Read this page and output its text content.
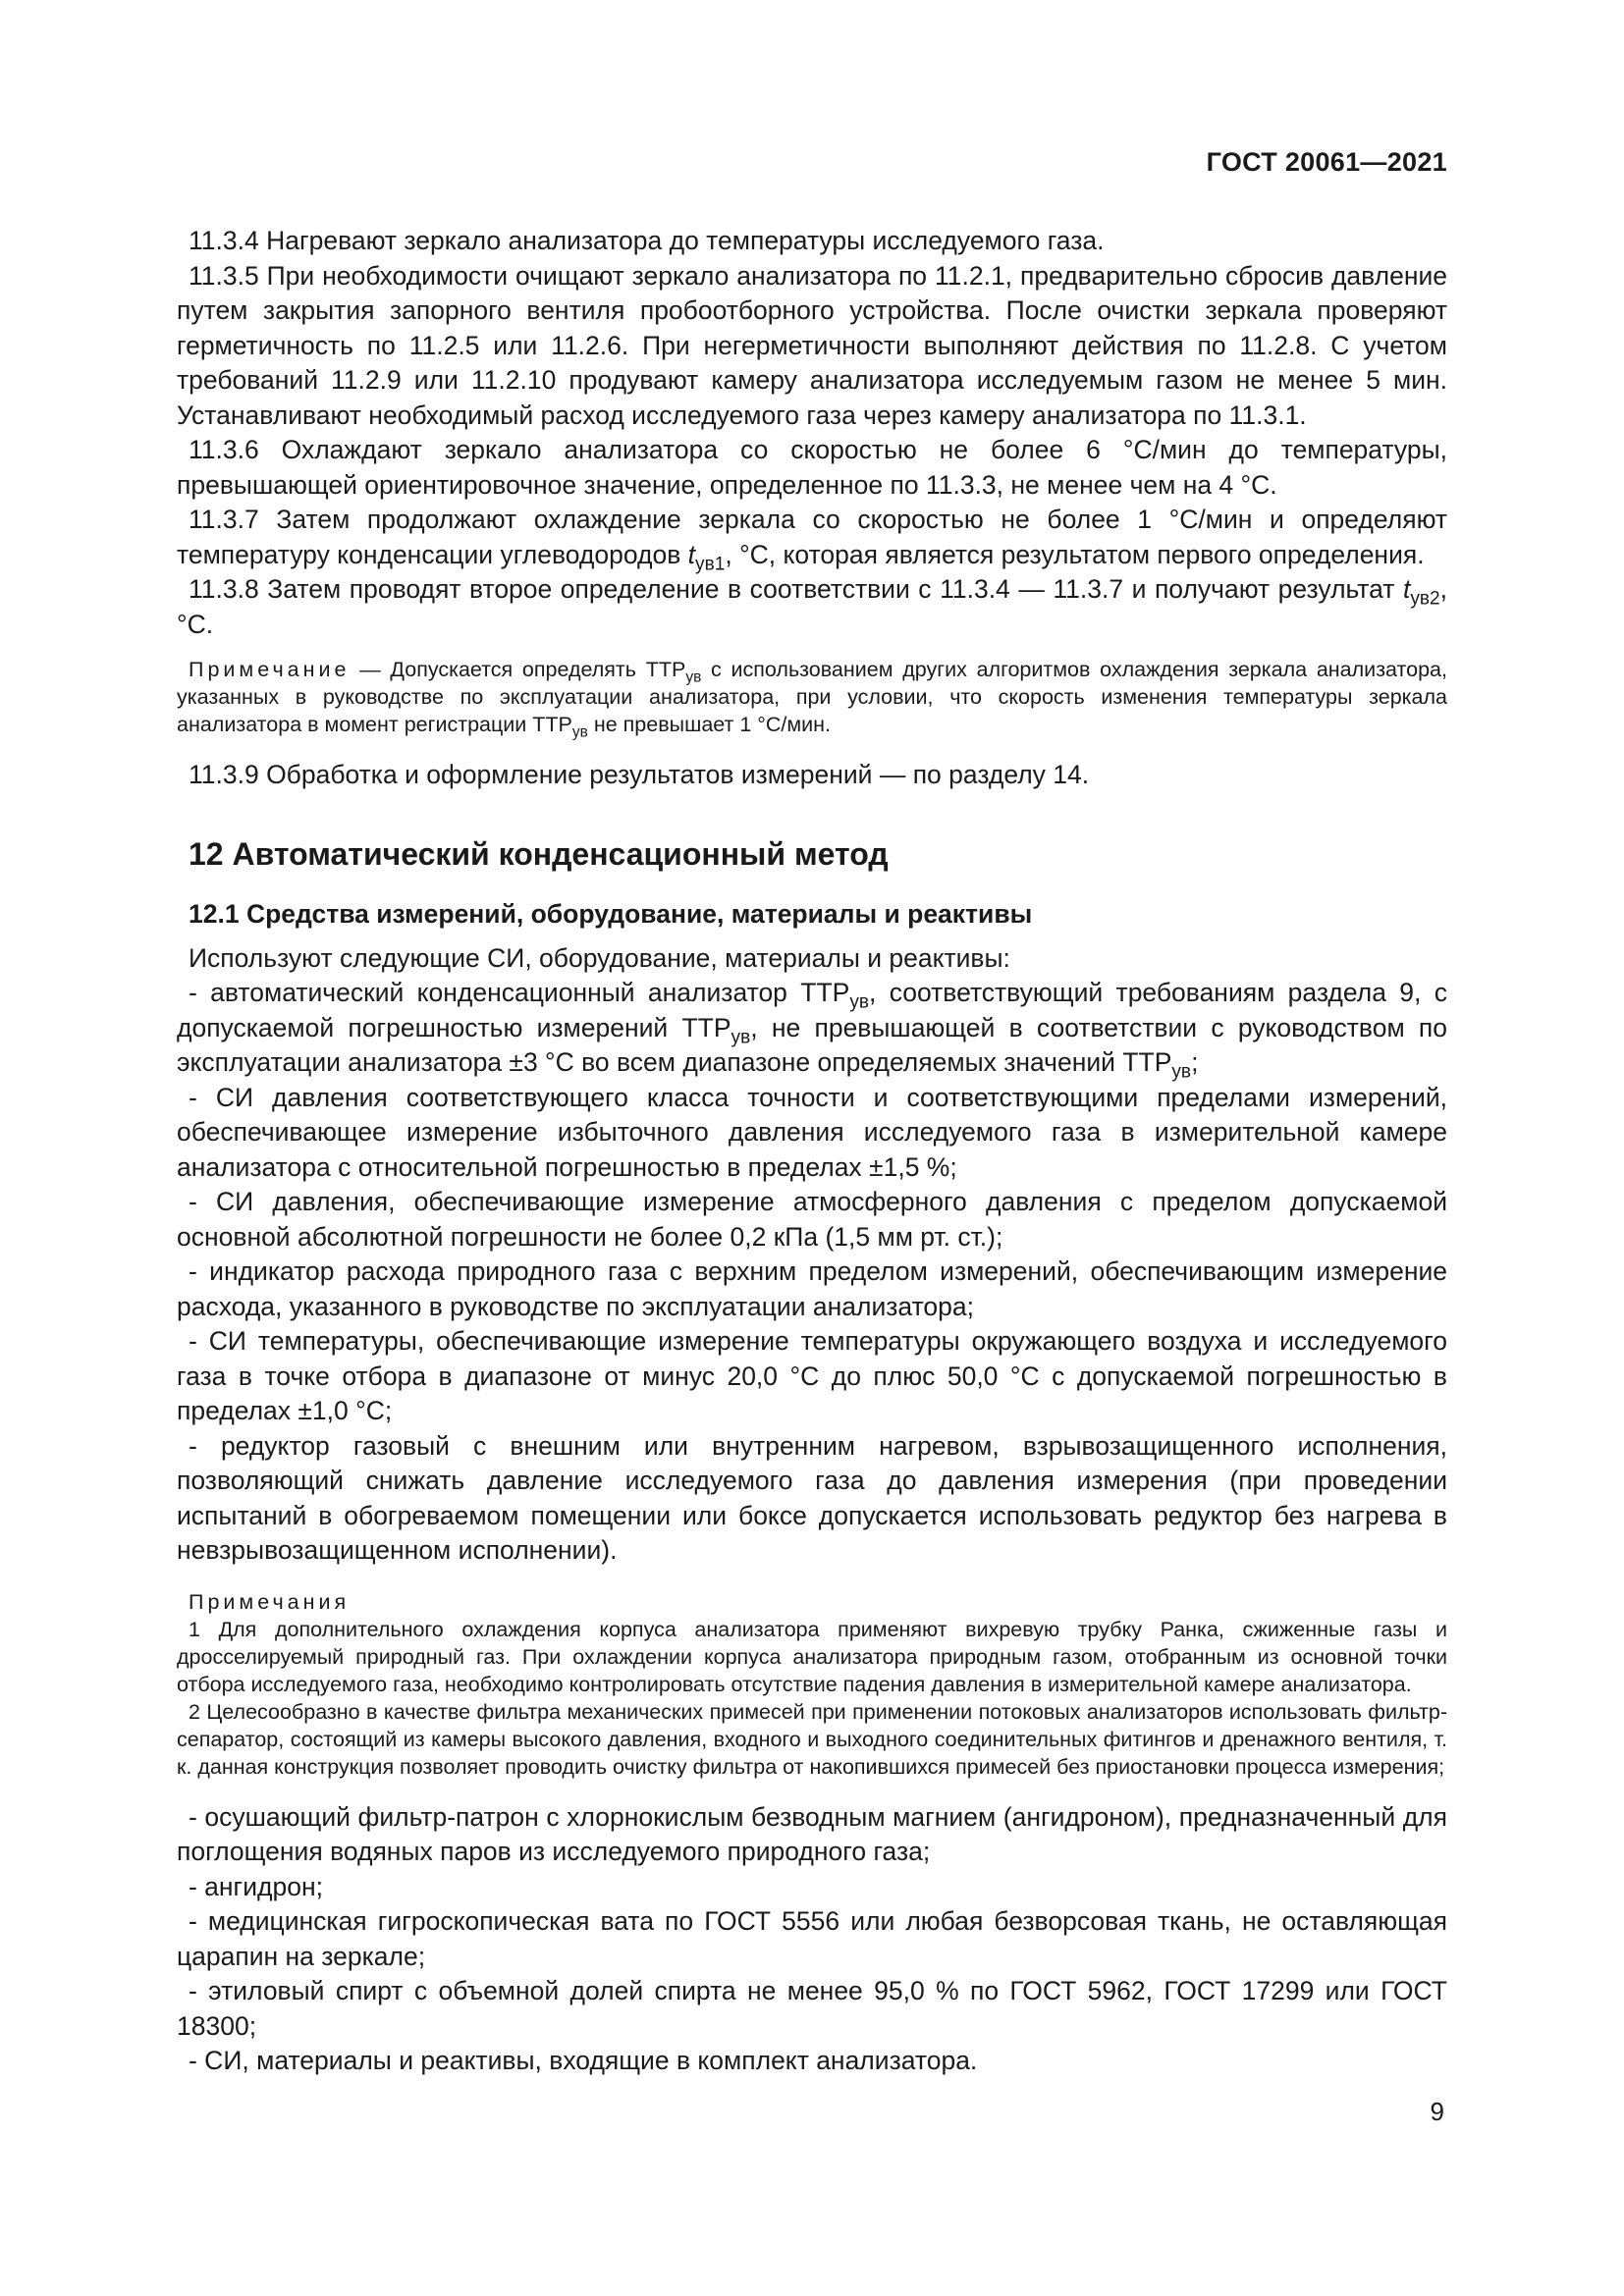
ГОСТ 20061—2021

11.3.4 Нагревают зеркало анализатора до температуры исследуемого газа.

11.3.5 При необходимости очищают зеркало анализатора по 11.2.1, предварительно сбросив давление путем закрытия запорного вентиля пробоотборного устройства. После очистки зеркала проверяют герметичность по 11.2.5 или 11.2.6. При негерметичности выполняют действия по 11.2.8. С учетом требований 11.2.9 или 11.2.10 продувают камеру анализатора исследуемым газом не менее 5 мин. Устанавливают необходимый расход исследуемого газа через камеру анализатора по 11.3.1.

11.3.6 Охлаждают зеркало анализатора со скоростью не более 6 °С/мин до температуры, превышающей ориентировочное значение, определенное по 11.3.3, не менее чем на 4 °С.

11.3.7 Затем продолжают охлаждение зеркала со скоростью не более 1 °С/мин и определяют температуру конденсации углеводородов $t_{ув1}$, °С, которая является результатом первого определения.

11.3.8 Затем проводят второе определение в соответствии с 11.3.4 — 11.3.7 и получают результат $t_{ув2}$, °С.

Примечание — Допускается определять $ТТР_{ув}$ с использованием других алгоритмов охлаждения зеркала анализатора, указанных в руководстве по эксплуатации анализатора, при условии, что скорость изменения температуры зеркала анализатора в момент регистрации $ТТР_{ув}$ не превышает 1 °С/мин.

11.3.9 Обработка и оформление результатов измерений — по разделу 14.

12 Автоматический конденсационный метод
12.1 Средства измерений, оборудование, материалы и реактивы

Используют следующие СИ, оборудование, материалы и реактивы:

- автоматический конденсационный анализатор $ТТР_{ув}$, соответствующий требованиям раздела 9, с допускаемой погрешностью измерений $ТТР_{ув}$, не превышающей в соответствии с руководством по эксплуатации анализатора ±3 °С во всем диапазоне определяемых значений $ТТР_{ув}$;

- СИ давления соответствующего класса точности и соответствующими пределами измерений, обеспечивающее измерение избыточного давления исследуемого газа в измерительной камере анализатора с относительной погрешностью в пределах ±1,5 %;

- СИ давления, обеспечивающие измерение атмосферного давления с пределом допускаемой основной абсолютной погрешности не более 0,2 кПа (1,5 мм рт. ст.);

- индикатор расхода природного газа с верхним пределом измерений, обеспечивающим измерение расхода, указанного в руководстве по эксплуатации анализатора;

- СИ температуры, обеспечивающие измерение температуры окружающего воздуха и исследуемого газа в точке отбора в диапазоне от минус 20,0 °С до плюс 50,0 °С с допускаемой погрешностью в пределах ±1,0 °С;

- редуктор газовый с внешним или внутренним нагревом, взрывозащищенного исполнения, позволяющий снижать давление исследуемого газа до давления измерения (при проведении испытаний в обогреваемом помещении или боксе допускается использовать редуктор без нагрева в невзрывозащищенном исполнении).

Примечания

1 Для дополнительного охлаждения корпуса анализатора применяют вихревую трубку Ранка, сжиженные газы и дросселируемый природный газ. При охлаждении корпуса анализатора природным газом, отобранным из основной точки отбора исследуемого газа, необходимо контролировать отсутствие падения давления в измерительной камере анализатора.

2 Целесообразно в качестве фильтра механических примесей при применении потоковых анализаторов использовать фильтр-сепаратор, состоящий из камеры высокого давления, входного и выходного соединительных фитингов и дренажного вентиля, т. к. данная конструкция позволяет проводить очистку фильтра от накопившихся примесей без приостановки процесса измерения;

- осушающий фильтр-патрон с хлорнокислым безводным магнием (ангидроном), предназначенный для поглощения водяных паров из исследуемого природного газа;

- ангидрон;

- медицинская гигроскопическая вата по ГОСТ 5556 или любая безворсовая ткань, не оставляющая царапин на зеркале;

- этиловый спирт с объемной долей спирта не менее 95,0 % по ГОСТ 5962, ГОСТ 17299 или ГОСТ 18300;

- СИ, материалы и реактивы, входящие в комплект анализатора.

9
